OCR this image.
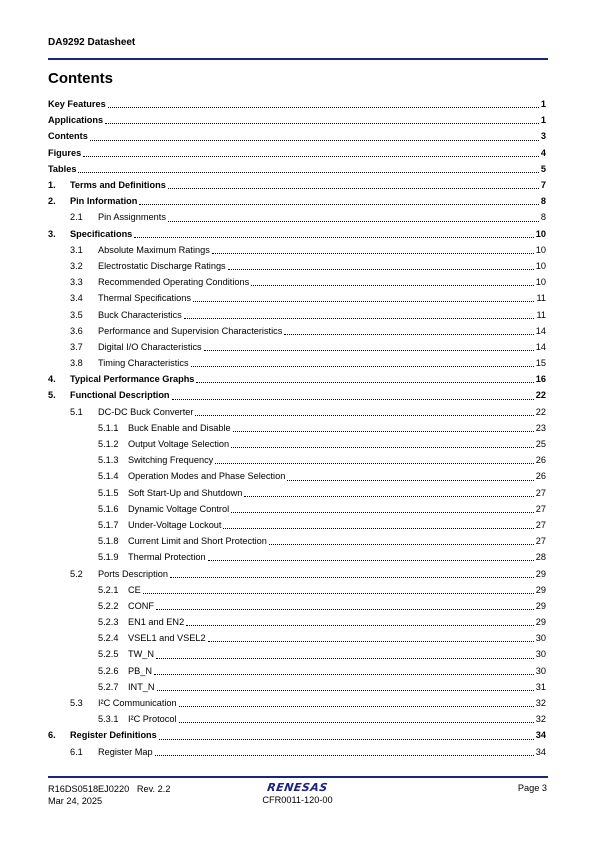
DA9292 Datasheet
Contents
Key Features	1
Applications	1
Contents	3
Figures	4
Tables	5
1.	Terms and Definitions	7
2.	Pin Information	8
2.1	Pin Assignments	8
3.	Specifications	10
3.1	Absolute Maximum Ratings	10
3.2	Electrostatic Discharge Ratings	10
3.3	Recommended Operating Conditions	10
3.4	Thermal Specifications	11
3.5	Buck Characteristics	11
3.6	Performance and Supervision Characteristics	14
3.7	Digital I/O Characteristics	14
3.8	Timing Characteristics	15
4.	Typical Performance Graphs	16
5.	Functional Description	22
5.1	DC-DC Buck Converter	22
5.1.1	Buck Enable and Disable	23
5.1.2	Output Voltage Selection	25
5.1.3	Switching Frequency	26
5.1.4	Operation Modes and Phase Selection	26
5.1.5	Soft Start-Up and Shutdown	27
5.1.6	Dynamic Voltage Control	27
5.1.7	Under-Voltage Lockout	27
5.1.8	Current Limit and Short Protection	27
5.1.9	Thermal Protection	28
5.2	Ports Description	29
5.2.1	CE	29
5.2.2	CONF	29
5.2.3	EN1 and EN2	29
5.2.4	VSEL1 and VSEL2	30
5.2.5	TW_N	30
5.2.6	PB_N	30
5.2.7	INT_N	31
5.3	I²C Communication	32
5.3.1	I²C Protocol	32
6.	Register Definitions	34
6.1	Register Map	34
R16DS0518EJ0220 Rev. 2.2
Mar 24, 2025
RENESAS
CFR0011-120-00
Page 3
